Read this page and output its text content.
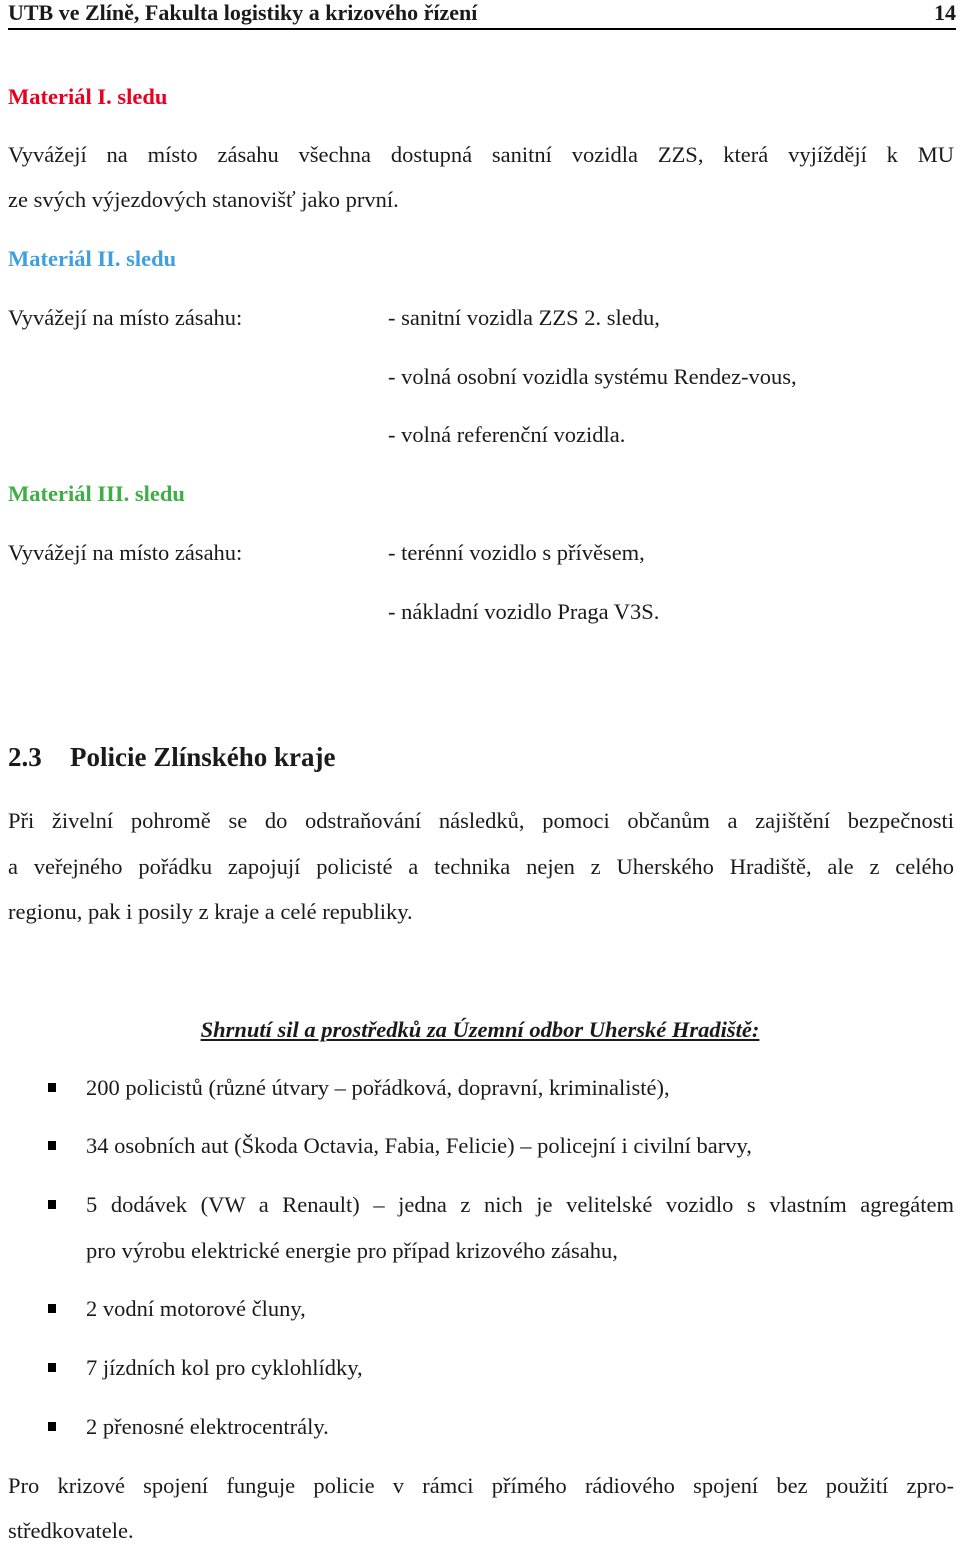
UTB ve Zlíně, Fakulta logistiky a krizového řízení	14
Materiál I. sledu
Vyvážejí na místo zásahu všechna dostupná sanitní vozidla ZZS, která vyjíždějí k MU
ze svých výjezdových stanovišť jako první.
Materiál II. sledu
Vyvážejí na místo zásahu:	- sanitní vozidla ZZS 2. sledu,
- volná osobní vozidla systému Rendez-vous,
- volná referenční vozidla.
Materiál III. sledu
Vyvážejí na místo zásahu:	- terénní vozidlo s přívěsem,
- nákladní vozidlo Praga V3S.
2.3 Policie Zlínského kraje
Při živelní pohromě se do odstraňování následků, pomoci občanům a zajištění bezpečnosti
a veřejného pořádku zapojují policisté a technika nejen z Uherského Hradiště, ale z celého
regionu, pak i posily z kraje a celé republiky.
Shrnutí sil a prostředků za Územní odbor Uherské Hradiště:
200 policistů (různé útvary – pořádková, dopravní, kriminalisté),
34 osobních aut (Škoda Octavia, Fabia, Felicie) – policejní i civilní barvy,
5 dodávek (VW a Renault) – jedna z nich je velitelské vozidlo s vlastním agregátem
pro výrobu elektrické energie pro případ krizového zásahu,
2 vodní motorové čluny,
7 jízdních kol pro cyklohlídky,
2 přenosné elektrocentrály.
Pro krizové spojení funguje policie v rámci přímého rádiového spojení bez použití zpro-
středkovatele.
